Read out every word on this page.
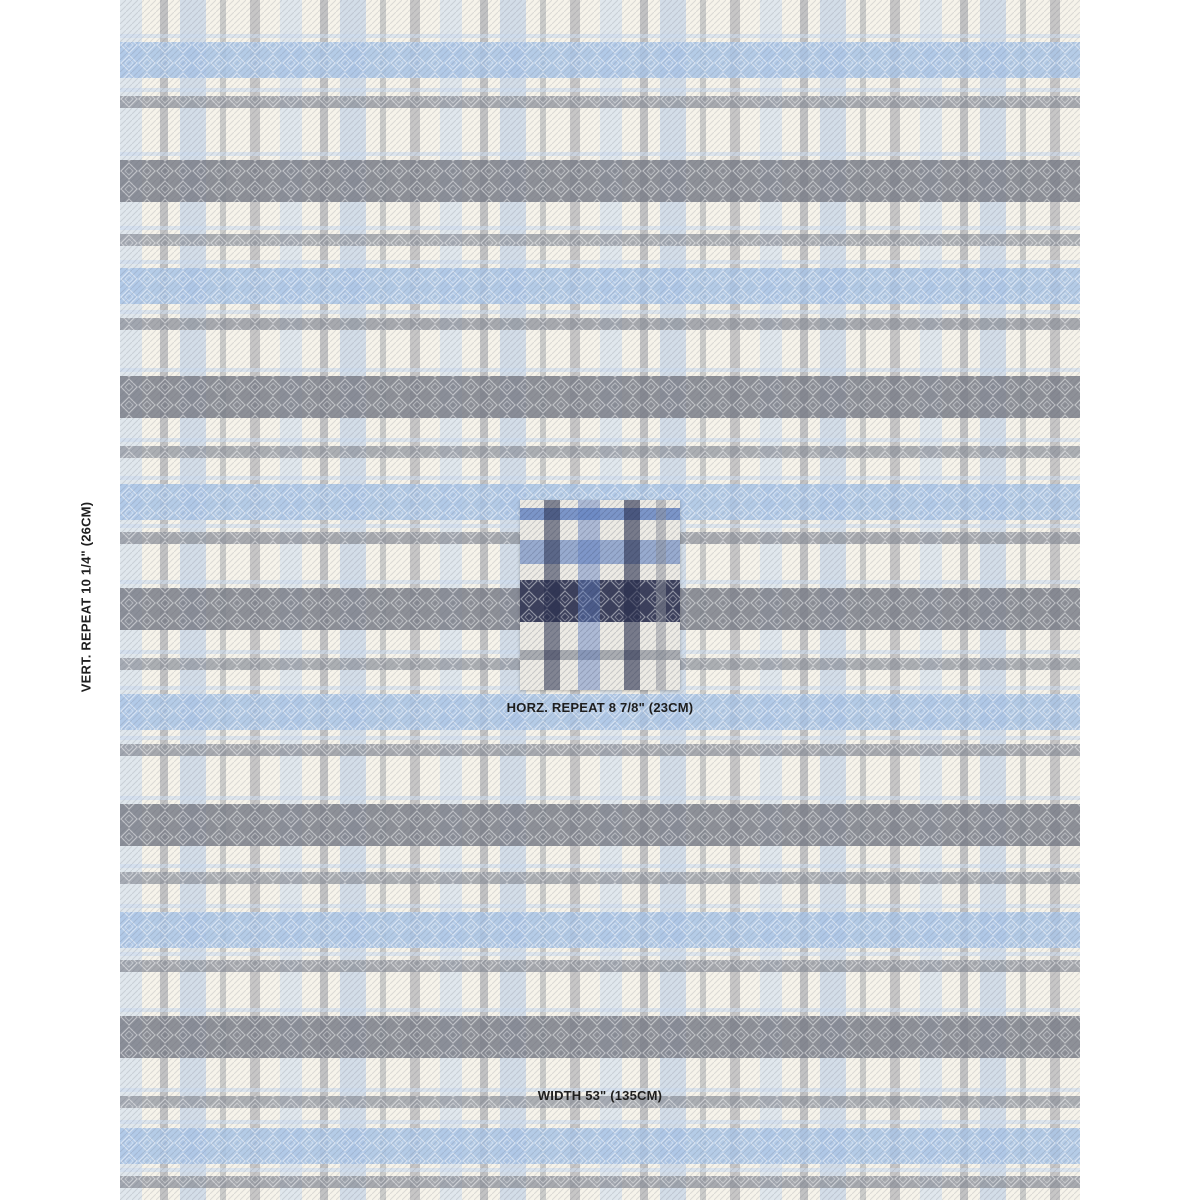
HORZ. REPEAT 8 7/8" (23CM)
VERT. REPEAT 10 1/4" (26CM)
WIDTH 53" (135CM)
